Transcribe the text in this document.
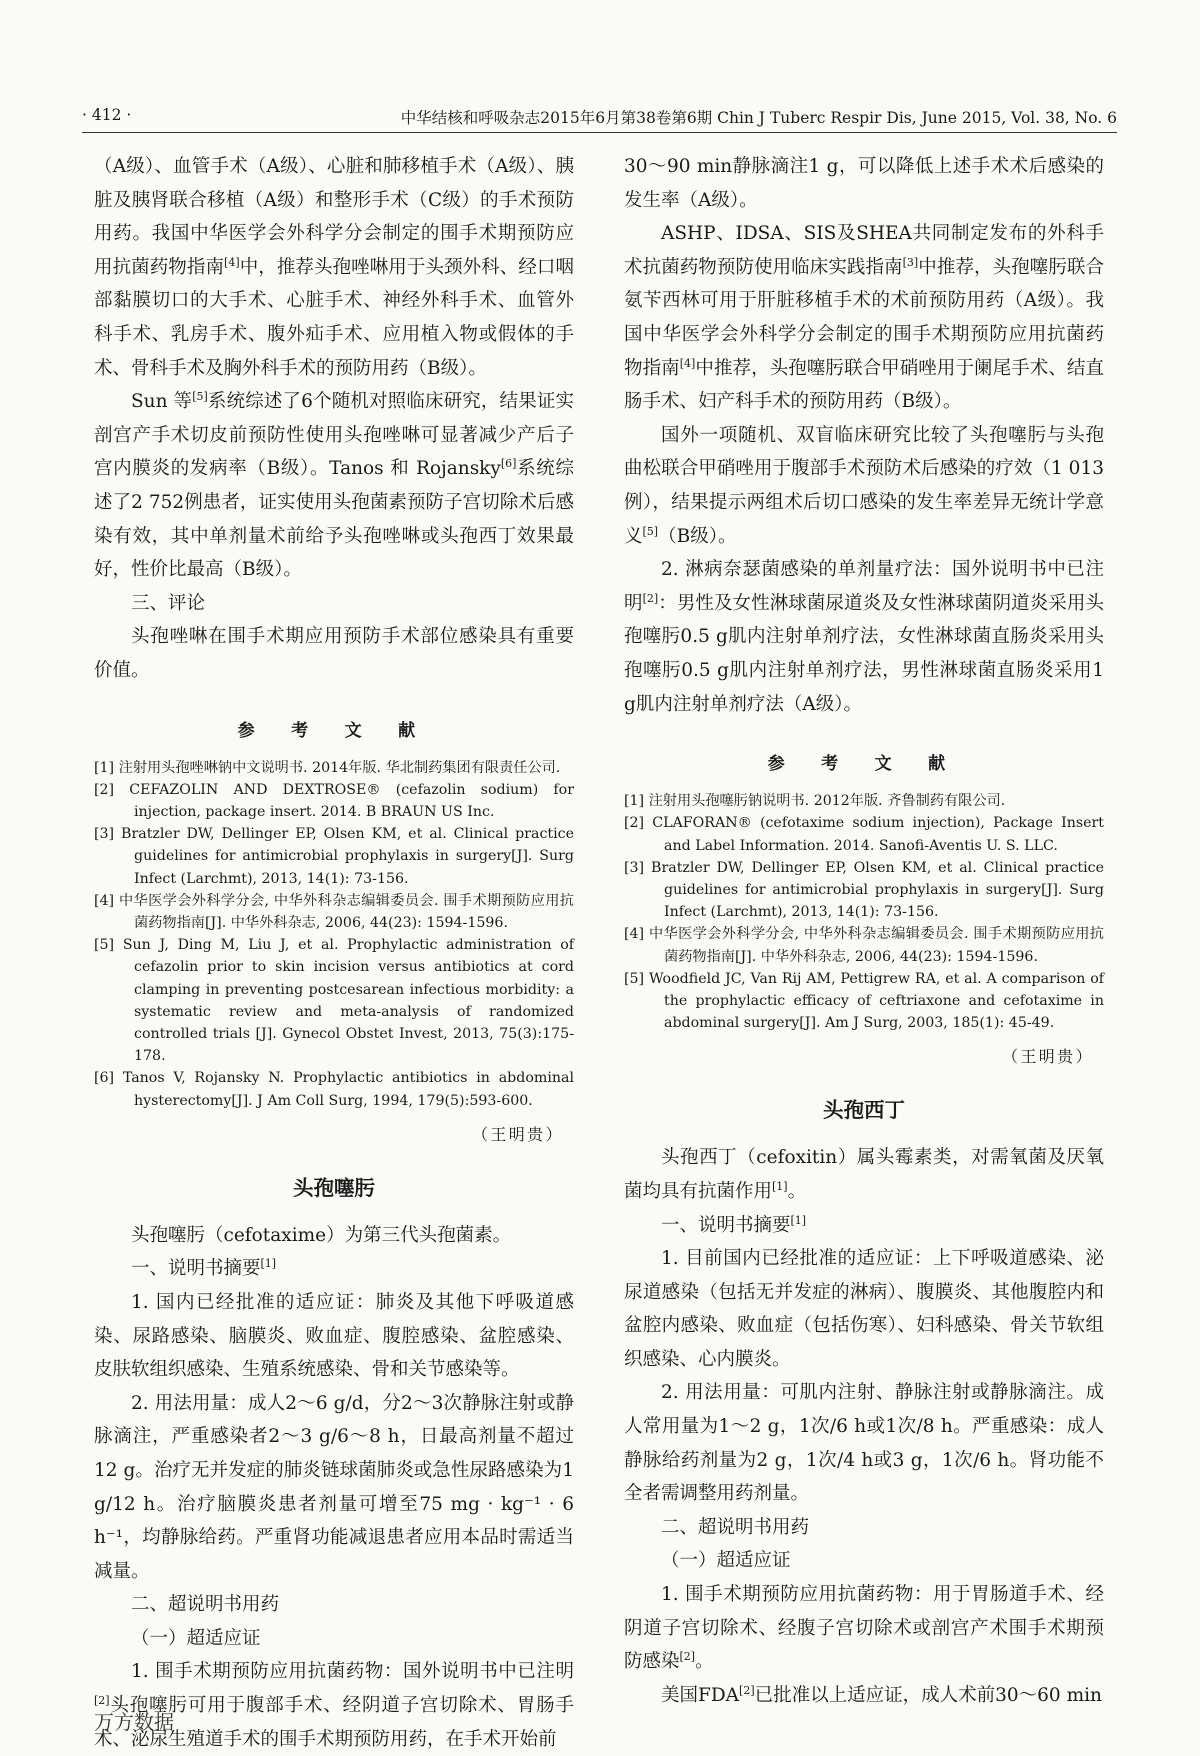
· 412 ·	中华结核和呼吸杂志2015年6月第38卷第6期 Chin J Tuberc Respir Dis, June 2015, Vol. 38, No. 6

（A级）、血管手术（A级）、心脏和肺移植手术（A级）、胰脏及胰肾联合移植（A级）和整形手术（C级）的手术预防用药。我国中华医学会外科学分会制定的围手术期预防应用抗菌药物指南[4]中，推荐头孢唑啉用于头颈外科、经口咽部黏膜切口的大手术、心脏手术、神经外科手术、血管外科手术、乳房手术、腹外疝手术、应用植入物或假体的手术、骨科手术及胸外科手术的预防用药（B级）。

Sun 等[5]系统综述了6个随机对照临床研究，结果证实剖宫产手术切皮前预防性使用头孢唑啉可显著减少产后子宫内膜炎的发病率（B级）。Tanos 和 Rojansky[6]系统综述了2 752例患者，证实使用头孢菌素预防子宫切除术后感染有效，其中单剂量术前给予头孢唑啉或头孢西丁效果最好，性价比最高（B级）。

三、评论

头孢唑啉在围手术期应用预防手术部位感染具有重要价值。

参 考 文 献

[1] 注射用头孢唑啉钠中文说明书. 2014年版. 华北制药集团有限责任公司.

[2] CEFAZOLIN AND DEXTROSE® (cefazolin sodium) for injection, package insert. 2014. B BRAUN US Inc.

[3] Bratzler DW, Dellinger EP, Olsen KM, et al. Clinical practice guidelines for antimicrobial prophylaxis in surgery[J]. Surg Infect (Larchmt), 2013, 14(1): 73-156.

[4] 中华医学会外科学分会, 中华外科杂志编辑委员会. 围手术期预防应用抗菌药物指南[J]. 中华外科杂志, 2006, 44(23): 1594-1596.

[5] Sun J, Ding M, Liu J, et al. Prophylactic administration of cefazolin prior to skin incision versus antibiotics at cord clamping in preventing postcesarean infectious morbidity: a systematic review and meta-analysis of randomized controlled trials [J]. Gynecol Obstet Invest, 2013, 75(3):175-178.

[6] Tanos V, Rojansky N. Prophylactic antibiotics in abdominal hysterectomy[J]. J Am Coll Surg, 1994, 179(5):593-600.

（王明贵）
头孢噻肟

头孢噻肟（cefotaxime）为第三代头孢菌素。

一、说明书摘要[1]

1. 国内已经批准的适应证：肺炎及其他下呼吸道感染、尿路感染、脑膜炎、败血症、腹腔感染、盆腔感染、皮肤软组织感染、生殖系统感染、骨和关节感染等。

2. 用法用量：成人2～6 g/d，分2～3次静脉注射或静脉滴注，严重感染者2～3 g/6～8 h，日最高剂量不超过12 g。治疗无并发症的肺炎链球菌肺炎或急性尿路感染为1 g/12 h。治疗脑膜炎患者剂量可增至75 mg · kg⁻¹ · 6 h⁻¹，均静脉给药。严重肾功能减退患者应用本品时需适当减量。

二、超说明书用药

（一）超适应证

1. 围手术期预防应用抗菌药物：国外说明书中已注明[2]头孢噻肟可用于腹部手术、经阴道子宫切除术、胃肠手术、泌尿生殖道手术的围手术期预防用药，在手术开始前

30～90 min静脉滴注1 g，可以降低上述手术术后感染的发生率（A级）。

ASHP、IDSA、SIS及SHEA共同制定发布的外科手术抗菌药物预防使用临床实践指南[3]中推荐，头孢噻肟联合氨苄西林可用于肝脏移植手术的术前预防用药（A级）。我国中华医学会外科学分会制定的围手术期预防应用抗菌药物指南[4]中推荐，头孢噻肟联合甲硝唑用于阑尾手术、结直肠手术、妇产科手术的预防用药（B级）。

国外一项随机、双盲临床研究比较了头孢噻肟与头孢曲松联合甲硝唑用于腹部手术预防术后感染的疗效（1 013例），结果提示两组术后切口感染的发生率差异无统计学意义[5]（B级）。

2. 淋病奈瑟菌感染的单剂量疗法：国外说明书中已注明[2]：男性及女性淋球菌尿道炎及女性淋球菌阴道炎采用头孢噻肟0.5 g肌内注射单剂疗法，女性淋球菌直肠炎采用头孢噻肟0.5 g肌内注射单剂疗法，男性淋球菌直肠炎采用1 g肌内注射单剂疗法（A级）。

参 考 文 献

[1] 注射用头孢噻肟钠说明书. 2012年版. 齐鲁制药有限公司.

[2] CLAFORAN® (cefotaxime sodium injection), Package Insert and Label Information. 2014. Sanofi-Aventis U. S. LLC.

[3] Bratzler DW, Dellinger EP, Olsen KM, et al. Clinical practice guidelines for antimicrobial prophylaxis in surgery[J]. Surg Infect (Larchmt), 2013, 14(1): 73-156.

[4] 中华医学会外科学分会, 中华外科杂志编辑委员会. 围手术期预防应用抗菌药物指南[J]. 中华外科杂志, 2006, 44(23): 1594-1596.

[5] Woodfield JC, Van Rij AM, Pettigrew RA, et al. A comparison of the prophylactic efficacy of ceftriaxone and cefotaxime in abdominal surgery[J]. Am J Surg, 2003, 185(1): 45-49.

（王明贵）
头孢西丁

头孢西丁（cefoxitin）属头霉素类，对需氧菌及厌氧菌均具有抗菌作用[1]。

一、说明书摘要[1]

1. 目前国内已经批准的适应证：上下呼吸道感染、泌尿道感染（包括无并发症的淋病）、腹膜炎、其他腹腔内和盆腔内感染、败血症（包括伤寒）、妇科感染、骨关节软组织感染、心内膜炎。

2. 用法用量：可肌内注射、静脉注射或静脉滴注。成人常用量为1～2 g，1次/6 h或1次/8 h。严重感染：成人静脉给药剂量为2 g，1次/4 h或3 g，1次/6 h。肾功能不全者需调整用药剂量。

二、超说明书用药

（一）超适应证

1. 围手术期预防应用抗菌药物：用于胃肠道手术、经阴道子宫切除术、经腹子宫切除术或剖宫产术围手术期预防感染[2]。

美国FDA[2]已批准以上适应证，成人术前30～60 min

万方数据
